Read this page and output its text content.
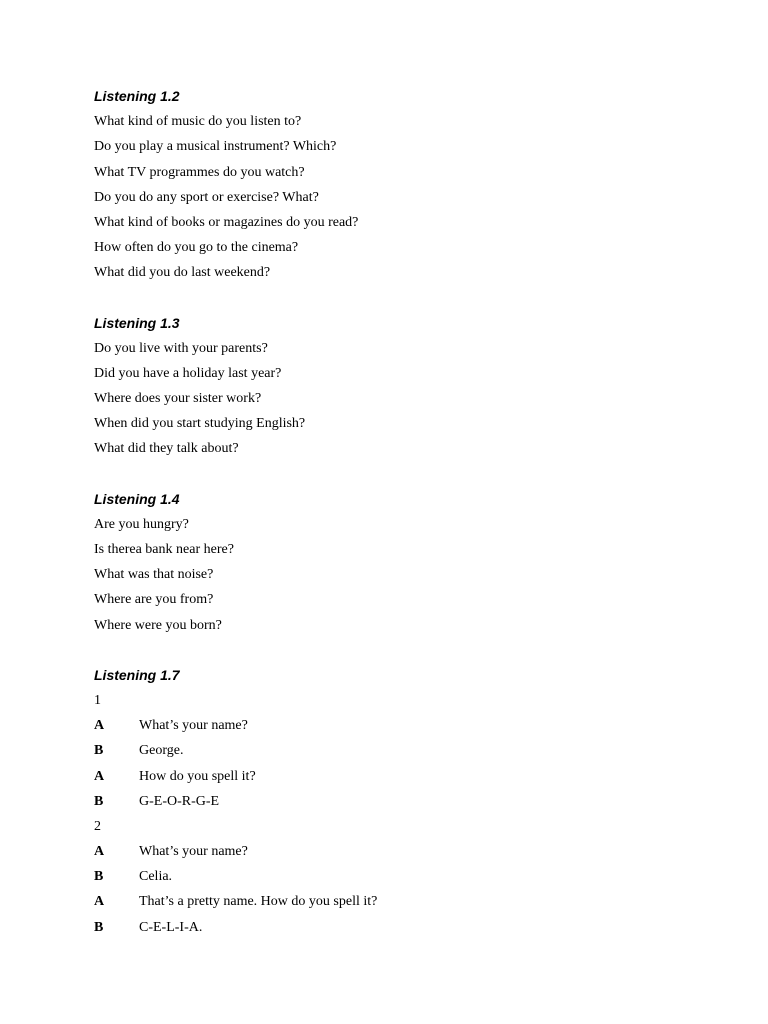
Listening 1.2
What kind of music do you listen to?
Do you play a musical instrument? Which?
What TV programmes do you watch?
Do you do any sport or exercise? What?
What kind of books or magazines do you read?
How often do you go to the cinema?
What did you do last weekend?
Listening 1.3
Do you live with your parents?
Did you have a holiday last year?
Where does your sister work?
When did you start studying English?
What did they talk about?
Listening 1.4
Are you hungry?
Is therea bank near here?
What was that noise?
Where are you from?
Where were you born?
Listening 1.7
1
A	What’s your name?
B	George.
A	How do you spell it?
B	G-E-O-R-G-E
2
A	What’s your name?
B	Celia.
A	That’s a pretty name. How do you spell it?
B	C-E-L-I-A.
